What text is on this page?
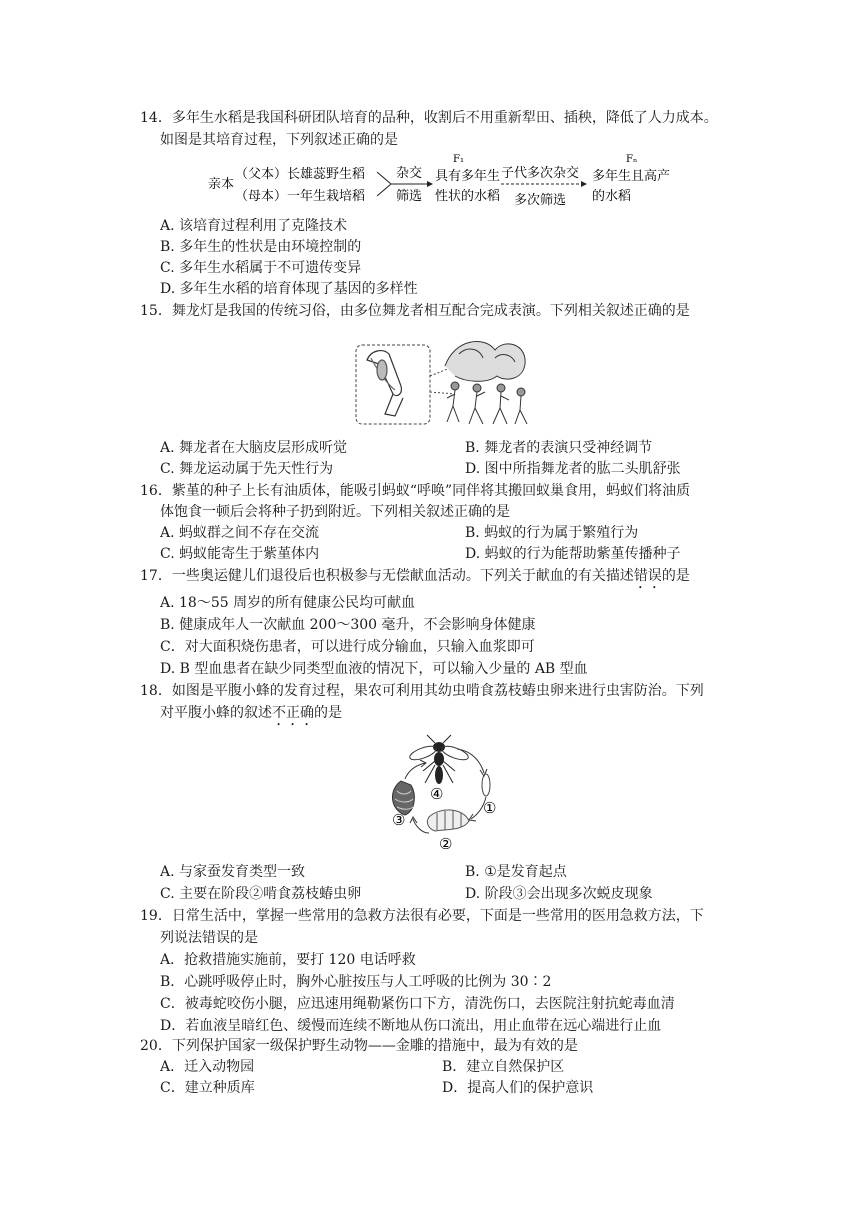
14．多年生水稻是我国科研团队培育的品种，收割后不用重新犁田、插秧，降低了人力成本。
如图是其培育过程，下列叙述正确的是
亲本
（父本）长雄蕊野生稻
（母本）一年生栽培稻
杂交
筛选
F₁
具有多年生
性状的水稻
子代多次杂交
多次筛选
Fₙ
多年生且高产
的水稻
A. 该培育过程利用了克隆技术
B. 多年生的性状是由环境控制的
C. 多年生水稻属于不可遗传变异
D. 多年生水稻的培育体现了基因的多样性
15．舞龙灯是我国的传统习俗，由多位舞龙者相互配合完成表演。下列相关叙述正确的是
A. 舞龙者在大脑皮层形成听觉	B. 舞龙者的表演只受神经调节
C. 舞龙运动属于先天性行为	D. 图中所指舞龙者的肱二头肌舒张
16．紫堇的种子上长有油质体，能吸引蚂蚁“呼唤”同伴将其搬回蚁巢食用，蚂蚁们将油质
体饱食一顿后会将种子扔到附近。下列相关叙述正确的是
A. 蚂蚁群之间不存在交流	B. 蚂蚁的行为属于繁殖行为
C. 蚂蚁能寄生于紫堇体内	D. 蚂蚁的行为能帮助紫堇传播种子
17．一些奥运健儿们退役后也积极参与无偿献血活动。下列关于献血的有关描述错误的是
A. 18～55 周岁的所有健康公民均可献血
B. 健康成年人一次献血 200～300 毫升，不会影响身体健康
C．对大面积烧伤患者，可以进行成分输血，只输入血浆即可
D. B 型血患者在缺少同类型血液的情况下，可以输入少量的 AB 型血
18．如图是平腹小蜂的发育过程，果农可利用其幼虫啃食荔枝蝽虫卵来进行虫害防治。下列
对平腹小蜂的叙述不正确的是
④
①
②
③
A. 与家蚕发育类型一致	B. ①是发育起点
C. 主要在阶段②啃食荔枝蝽虫卵	D. 阶段③会出现多次蜕皮现象
19．日常生活中，掌握一些常用的急救方法很有必要，下面是一些常用的医用急救方法，下
列说法错误的是
A．抢救措施实施前，要打 120 电话呼救
B．心跳呼吸停止时，胸外心脏按压与人工呼吸的比例为 30∶2
C．被毒蛇咬伤小腿，应迅速用绳勒紧伤口下方，清洗伤口，去医院注射抗蛇毒血清
D．若血液呈暗红色、缓慢而连续不断地从伤口流出，用止血带在远心端进行止血
20．下列保护国家一级保护野生动物——金雕的措施中，最为有效的是
A．迁入动物园	B．建立自然保护区
C．建立种质库	D．提高人们的保护意识
